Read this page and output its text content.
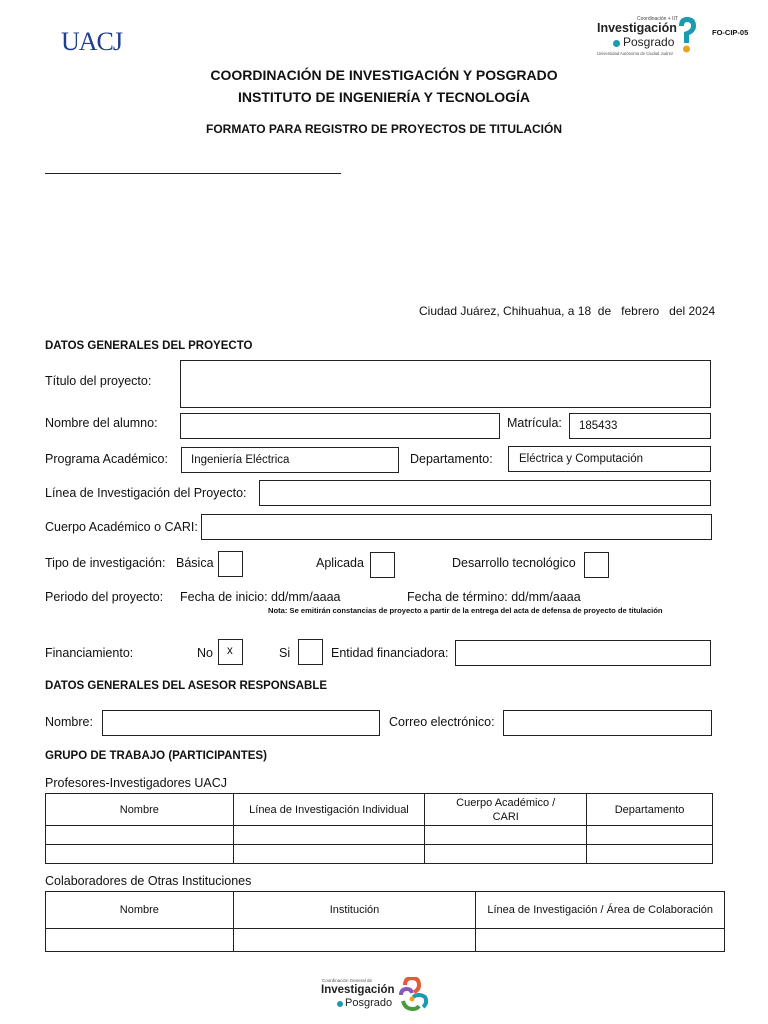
UACJ
Coordinación + IIT
Investigación
Posgrado
Universidad Autónoma de Ciudad Juárez
FO-CIP-05
COORDINACIÓN DE INVESTIGACIÓN Y POSGRADO
INSTITUTO DE INGENIERÍA Y TECNOLOGÍA
FORMATO PARA REGISTRO DE PROYECTOS DE TITULACIÓN
Ciudad Juárez, Chihuahua, a 18  de   febrero   del 2024
DATOS GENERALES DEL PROYECTO
Título del proyecto:
Nombre del alumno:	Matrícula: 185433
Programa Académico: Ingeniería Eléctrica	Departamento: Eléctrica y Computación
Línea de Investigación del Proyecto:
Cuerpo Académico o CARI:
Tipo de investigación: Básica	Aplicada	Desarrollo tecnológico
Periodo del proyecto: Fecha de inicio: dd/mm/aaaa	Fecha de término: dd/mm/aaaa
Nota: Se emitirán constancias de proyecto a partir de la entrega del acta de defensa de proyecto de titulación
Financiamiento:	No x	Si	Entidad financiadora:
DATOS GENERALES DEL ASESOR RESPONSABLE
Nombre:	Correo electrónico:
GRUPO DE TRABAJO (PARTICIPANTES)
Profesores-Investigadores UACJ
Nombre	Línea de Investigación Individual	Cuerpo Académico / CARI	Departamento

Colaboradores de Otras Instituciones
Nombre	Institución	Línea de Investigación / Área de Colaboración

Coordinación General de
Investigación
Posgrado
